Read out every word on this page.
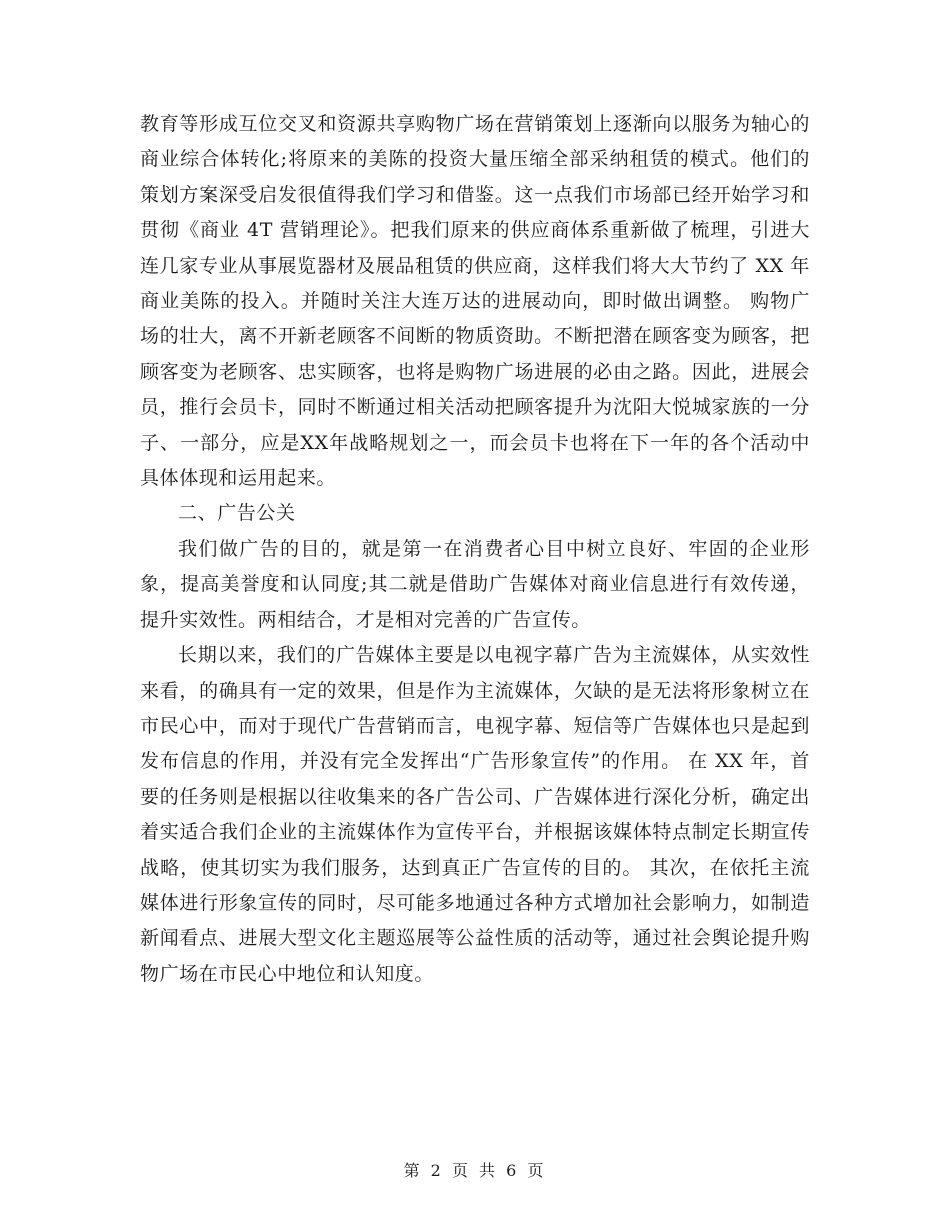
教育等形成互位交叉和资源共享购物广场在营销策划上逐渐向以服务为轴心的商业综合体转化;将原来的美陈的投资大量压缩全部采纳租赁的模式。他们的策划方案深受启发很值得我们学习和借鉴。这一点我们市场部已经开始学习和贯彻《商业 4T 营销理论》。把我们原来的供应商体系重新做了梳理，引进大连几家专业从事展览器材及展品租赁的供应商，这样我们将大大节约了 XX 年商业美陈的投入。并随时关注大连万达的进展动向，即时做出调整。 购物广场的壮大，离不开新老顾客不间断的物质资助。不断把潜在顾客变为顾客，把顾客变为老顾客、忠实顾客，也将是购物广场进展的必由之路。因此，进展会员，推行会员卡，同时不断通过相关活动把顾客提升为沈阳大悦城家族的一分子、一部分，应是XX年战略规划之一，而会员卡也将在下一年的各个活动中具体体现和运用起来。

二、广告公关

我们做广告的目的，就是第一在消费者心目中树立良好、牢固的企业形象，提高美誉度和认同度;其二就是借助广告媒体对商业信息进行有效传递，提升实效性。两相结合，才是相对完善的广告宣传。

长期以来，我们的广告媒体主要是以电视字幕广告为主流媒体，从实效性来看，的确具有一定的效果，但是作为主流媒体，欠缺的是无法将形象树立在市民心中，而对于现代广告营销而言，电视字幕、短信等广告媒体也只是起到发布信息的作用，并没有完全发挥出“广告形象宣传”的作用。 在 XX 年，首要的任务则是根据以往收集来的各广告公司、广告媒体进行深化分析，确定出着实适合我们企业的主流媒体作为宣传平台，并根据该媒体特点制定长期宣传战略，使其切实为我们服务，达到真正广告宣传的目的。 其次，在依托主流媒体进行形象宣传的同时，尽可能多地通过各种方式增加社会影响力，如制造新闻看点、进展大型文化主题巡展等公益性质的活动等，通过社会舆论提升购物广场在市民心中地位和认知度。

第 2 页 共 6 页
